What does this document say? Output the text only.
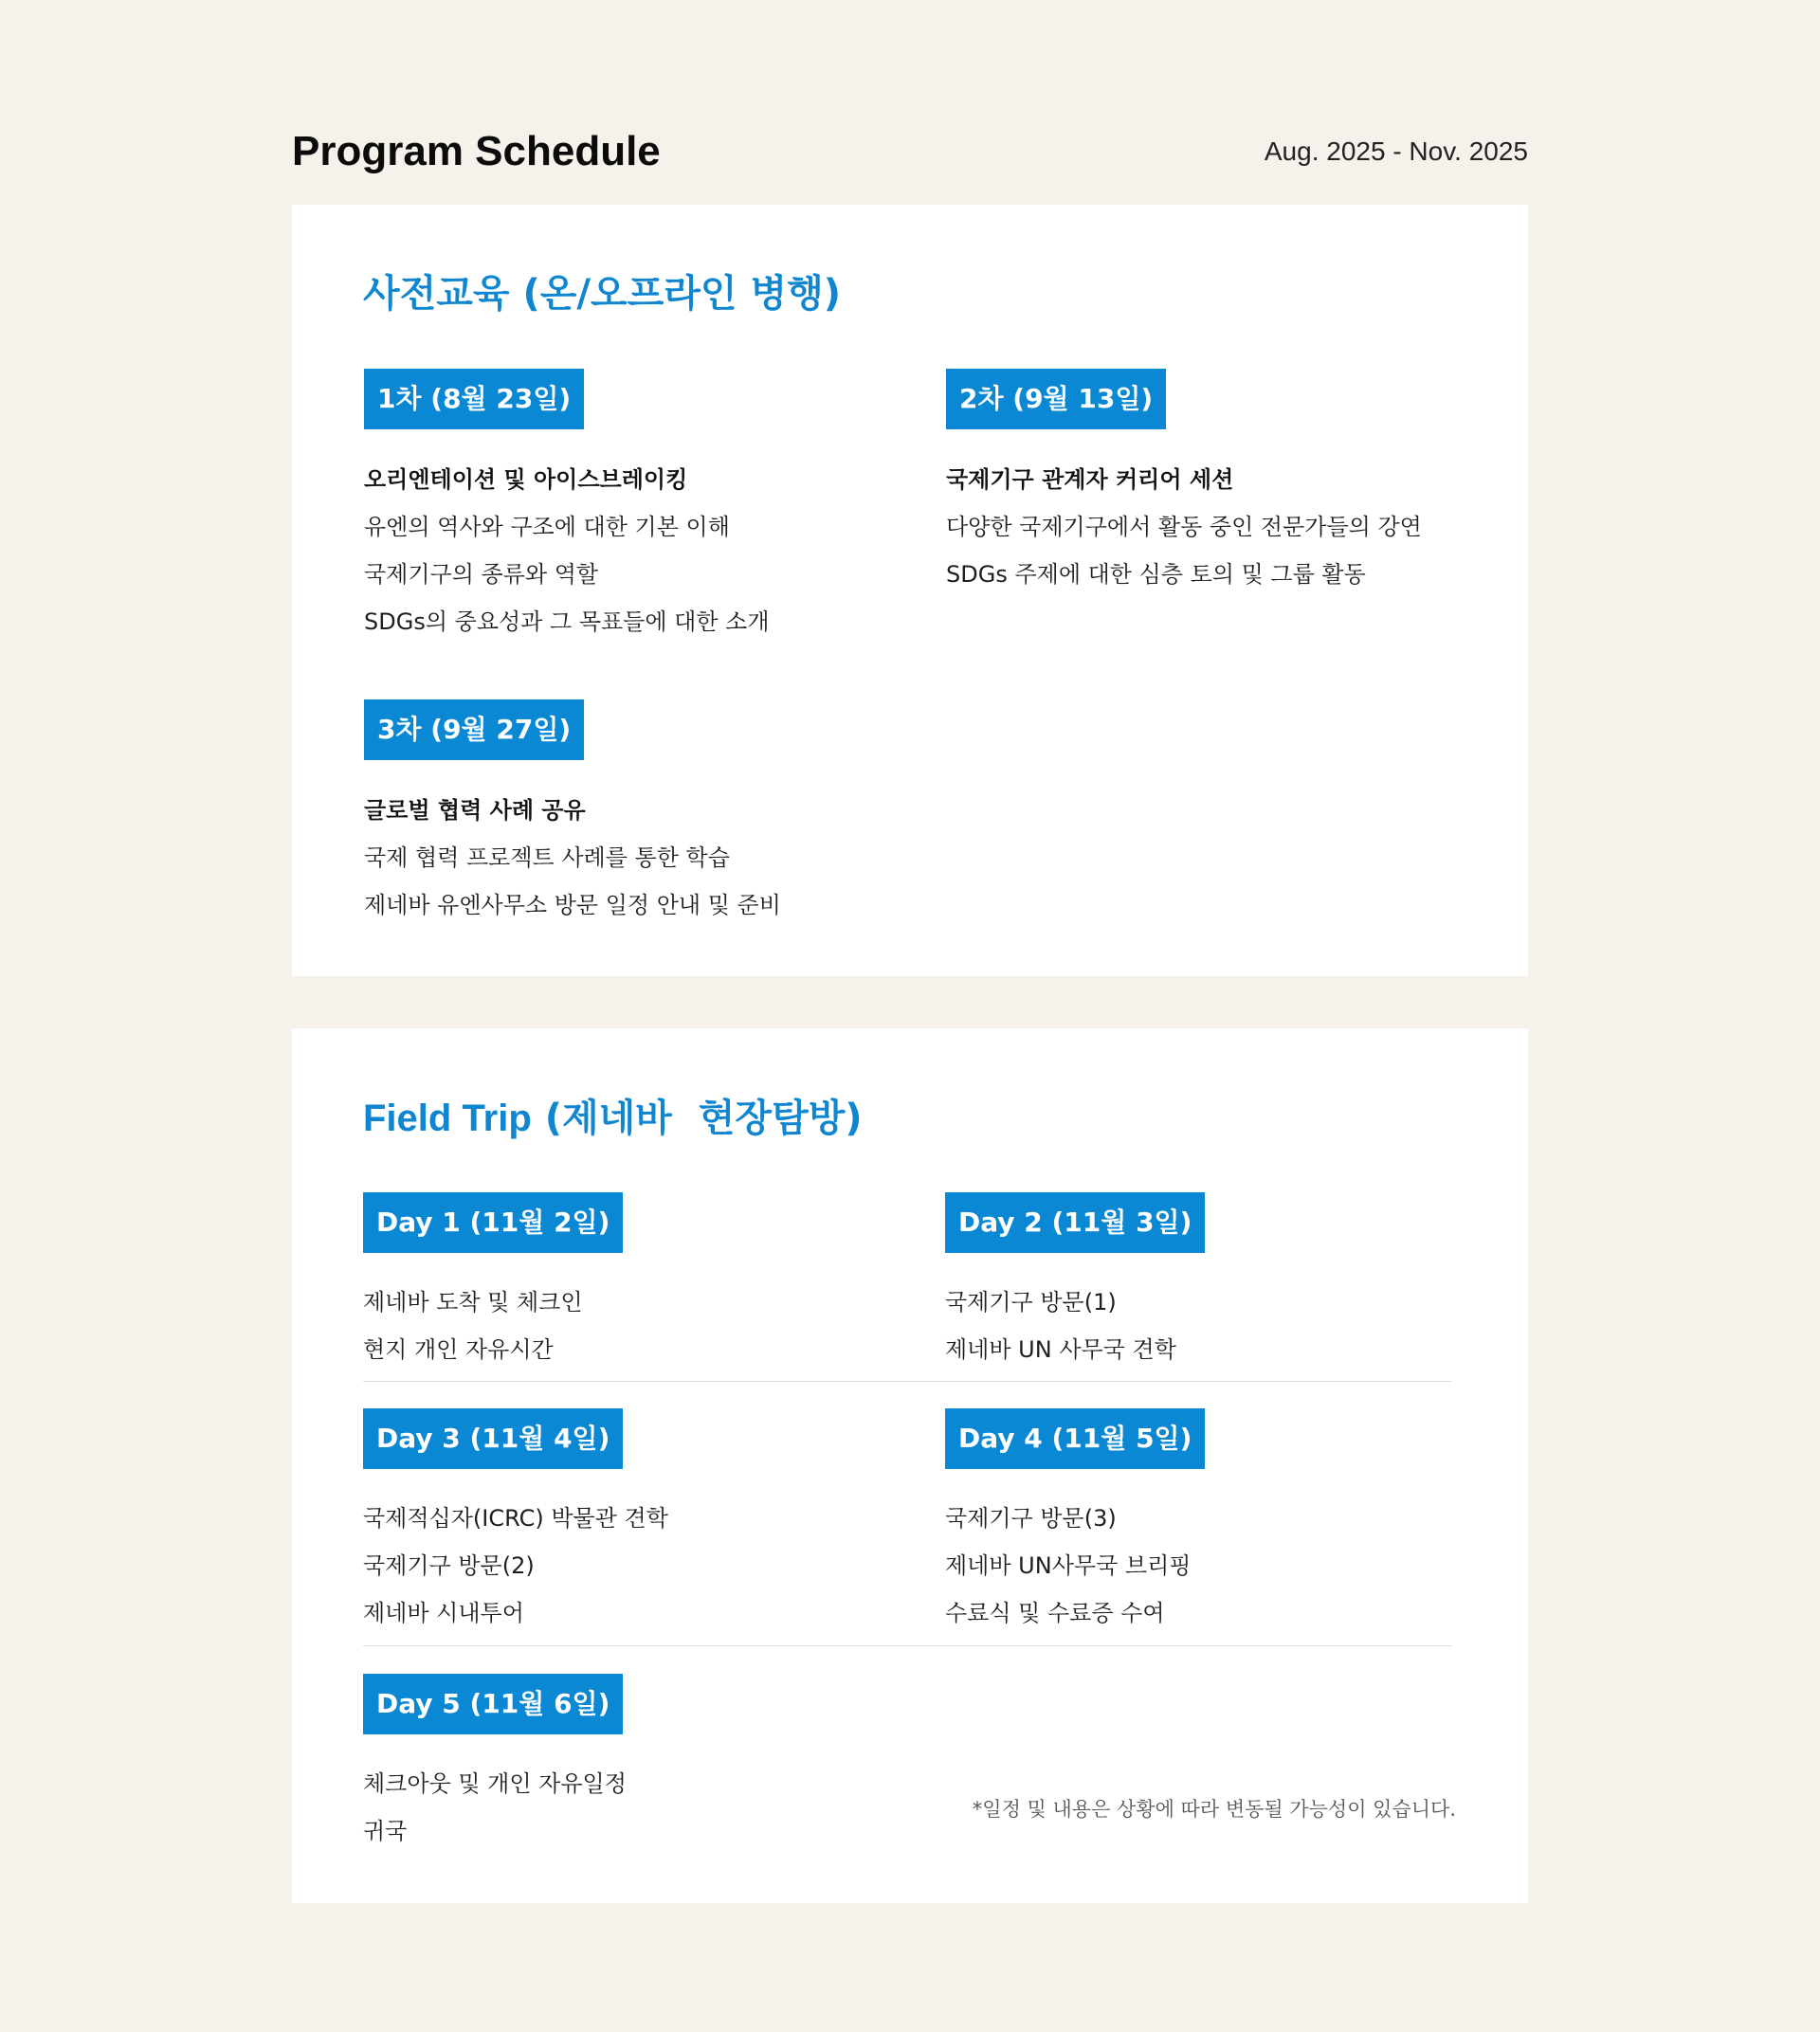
Program Schedule	Aug. 2025 - Nov. 2025
사전교육 (온/오프라인 병행)
1차 (8월 23일)
오리엔테이션 및 아이스브레이킹
유엔의 역사와 구조에 대한 기본 이해
국제기구의 종류와 역할
SDGs의 중요성과 그 목표들에 대한 소개
2차 (9월 13일)
국제기구 관계자 커리어 세션
다양한 국제기구에서 활동 중인 전문가들의 강연
SDGs 주제에 대한 심층 토의 및 그룹 활동
3차 (9월 27일)
글로벌 협력 사례 공유
국제 협력 프로젝트 사례를 통한 학습
제네바 유엔사무소 방문 일정 안내 및 준비
Field Trip (제네바  현장탐방)
Day 1 (11월 2일)
제네바 도착 및 체크인
현지 개인 자유시간
Day 2 (11월 3일)
국제기구 방문(1)
제네바 UN 사무국 견학
Day 3 (11월 4일)
국제적십자(ICRC) 박물관 견학
국제기구 방문(2)
제네바 시내투어
Day 4 (11월 5일)
국제기구 방문(3)
제네바 UN사무국 브리핑
수료식 및 수료증 수여
Day 5 (11월 6일)
체크아웃 및 개인 자유일정
귀국
*일정 및 내용은 상황에 따라 변동될 가능성이 있습니다.
